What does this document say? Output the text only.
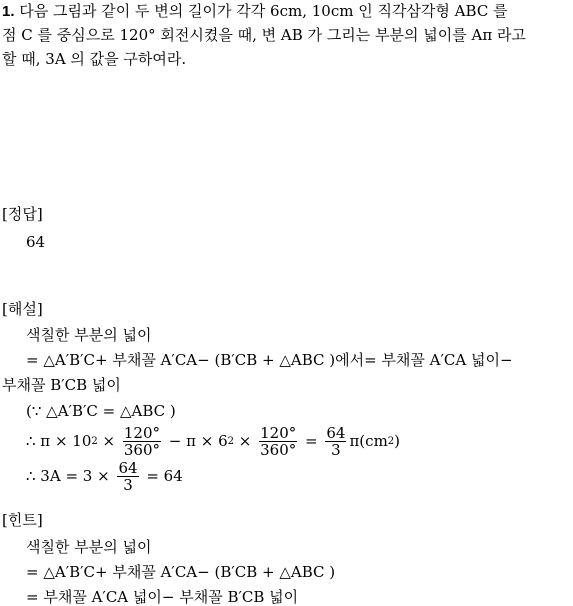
1. 다음 그림과 같이 두 변의 길이가 각각 6cm, 10cm 인 직각삼각형 ABC 를
점 C 를 중심으로 120° 회전시켰을 때, 변 AB 가 그리는 부분의 넓이를 Aπ 라고
할 때, 3A 의 값을 구하여라.
[정답]
64
[해설]
색칠한 부분의 넓이
= △A′B′C+ 부채꼴 A′CA− (B′CB + △ABC )에서= 부채꼴 A′CA 넓이−
부채꼴 B′CB 넓이
(∵ △A′B′C = △ABC )
∴ π × 10 $2 \times \frac{120^\circ}{360^\circ} - \pi \times 6$ $2 \times \frac{120^\circ}{360^\circ} = \frac{64}{3} \pi(cm$ 2 )
∴ $3A = 3 \times \frac{64}{3} = 64$
[힌트]
색칠한 부분의 넓이
= △A′B′C+ 부채꼴 A′CA− (B′CB + △ABC )
= 부채꼴 A′CA 넓이− 부채꼴 B′CB 넓이
